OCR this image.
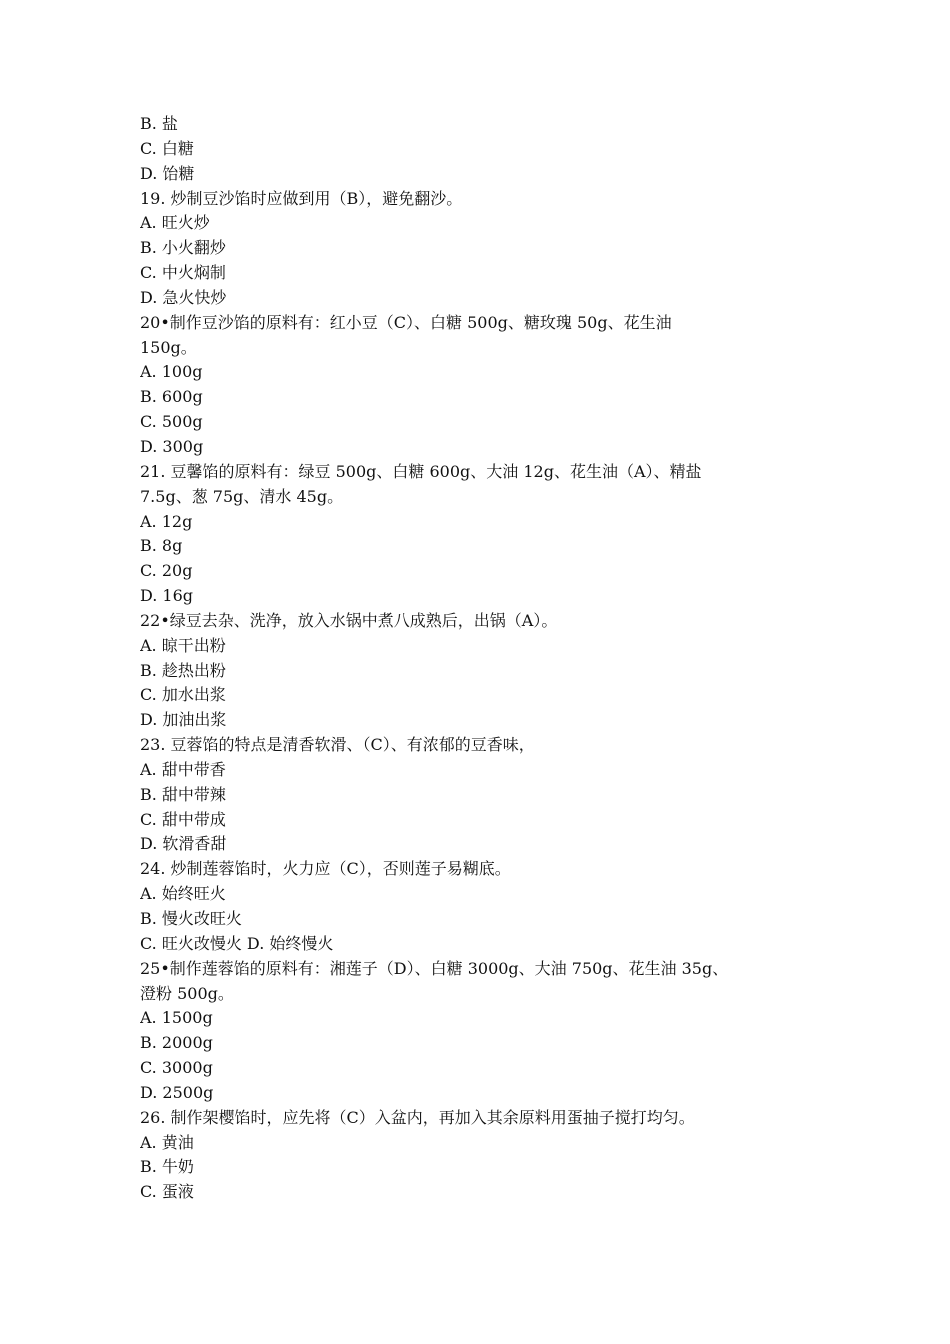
B. 盐
C. 白糖
D. 饴糖
19. 炒制豆沙馅时应做到用（B），避免翻沙。
A. 旺火炒
B. 小火翻炒
C. 中火焖制
D. 急火快炒
20•制作豆沙馅的原料有：红小豆（C）、白糖 500g、糖玫瑰 50g、花生油
150g。
A. 100g
B. 600g
C. 500g
D. 300g
21. 豆馨馅的原料有：绿豆 500g、白糖 600g、大油 12g、花生油（A）、精盐
7.5g、葱 75g、清水 45g。
A. 12g
B. 8g
C. 20g
D. 16g
22•绿豆去杂、洗净，放入水锅中煮八成熟后，出锅（A）。
A. 晾干出粉
B. 趁热出粉
C. 加水出浆
D. 加油出浆
23. 豆蓉馅的特点是清香软滑、（C）、有浓郁的豆香味，
A. 甜中带香
B. 甜中带辣
C. 甜中带成
D. 软滑香甜
24. 炒制莲蓉馅时，火力应（C），否则莲子易糊底。
A. 始终旺火
B. 慢火改旺火
C. 旺火改慢火 D. 始终慢火
25•制作莲蓉馅的原料有：湘莲子（D）、白糖 3000g、大油 750g、花生油 35g、
澄粉 500g。
A. 1500g
B. 2000g
C. 3000g
D. 2500g
26. 制作架樱馅时，应先将（C）入盆内，再加入其余原料用蛋抽子搅打均匀。
A. 黄油
B. 牛奶
C. 蛋液
